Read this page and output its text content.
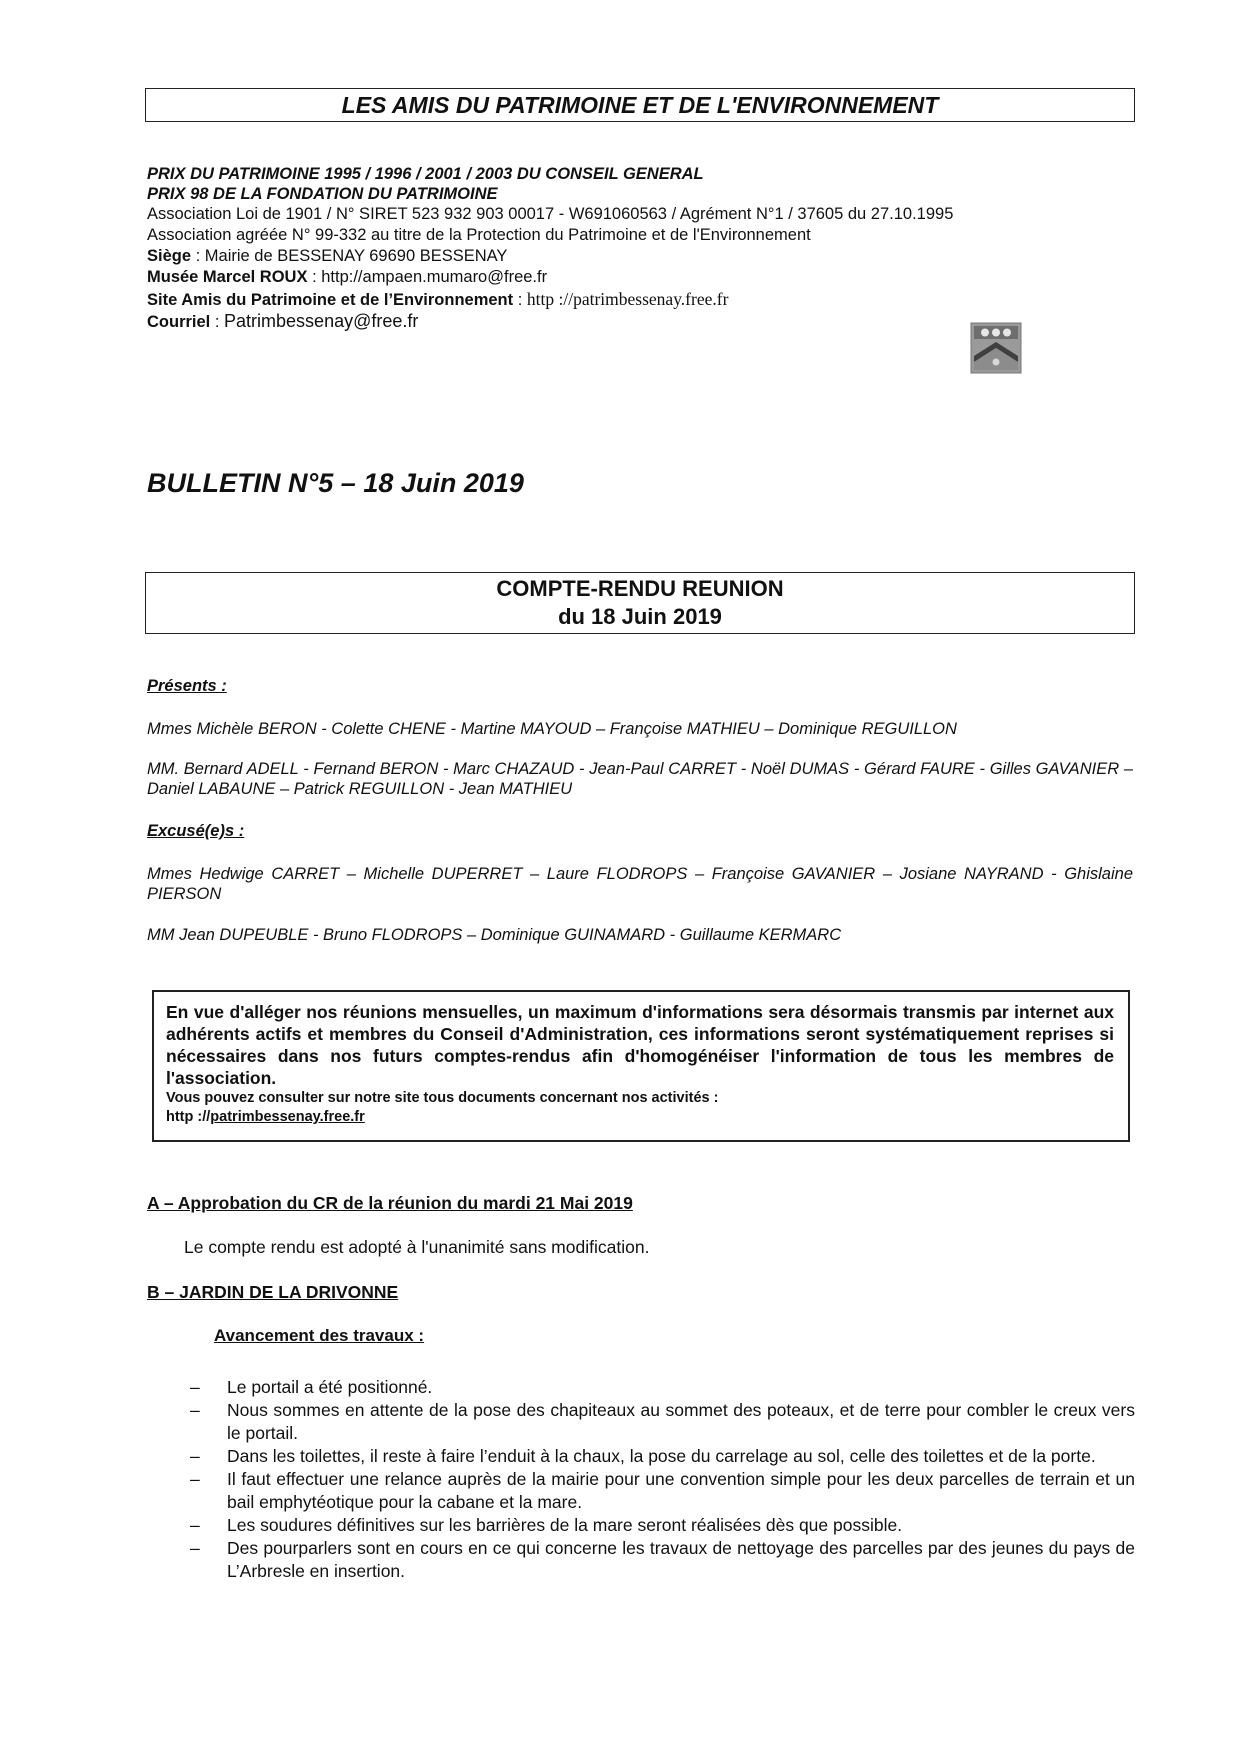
LES AMIS DU PATRIMOINE ET DE L'ENVIRONNEMENT
PRIX DU PATRIMOINE 1995 / 1996 / 2001 / 2003 DU CONSEIL GENERAL
PRIX 98 DE LA FONDATION DU PATRIMOINE
Association Loi de 1901 / N° SIRET 523 932 903 00017 - W691060563 / Agrément N°1 / 37605 du 27.10.1995
Association agréée N° 99-332 au titre de la Protection du Patrimoine et de l'Environnement
Siège : Mairie de BESSENAY 69690 BESSENAY
Musée Marcel ROUX : http://ampaen.mumaro@free.fr
Site Amis du Patrimoine et de l’Environnement : http ://patrimbessenay.free.fr
Courriel : Patrimbessenay@free.fr
BULLETIN N°5 – 18 Juin 2019
COMPTE-RENDU REUNION
du 18 Juin 2019
Présents :
Mmes Michèle BERON - Colette CHENE - Martine MAYOUD – Françoise MATHIEU – Dominique REGUILLON
MM. Bernard ADELL - Fernand BERON - Marc CHAZAUD - Jean-Paul CARRET - Noël DUMAS - Gérard FAURE - Gilles GAVANIER – Daniel LABAUNE – Patrick REGUILLON - Jean MATHIEU
Excusé(e)s :
Mmes Hedwige CARRET – Michelle DUPERRET – Laure FLODROPS – Françoise GAVANIER – Josiane NAYRAND - Ghislaine PIERSON
MM Jean DUPEUBLE - Bruno FLODROPS – Dominique GUINAMARD - Guillaume KERMARC
En vue d'alléger nos réunions mensuelles, un maximum d'informations sera désormais transmis par internet aux adhérents actifs et membres du Conseil d'Administration, ces informations seront systématiquement reprises si nécessaires dans nos futurs comptes-rendus afin d'homogénéiser l'information de tous les membres de l'association.
Vous pouvez consulter sur notre site tous documents concernant nos activités :
http ://patrimbessenay.free.fr
A – Approbation du CR de la réunion du mardi 21 Mai 2019
Le compte rendu est adopté à l'unanimité sans modification.
B – JARDIN DE LA DRIVONNE
Avancement des travaux :
– Le portail a été positionné.
– Nous sommes en attente de la pose des chapiteaux au sommet des poteaux, et de terre pour combler le creux vers le portail.
– Dans les toilettes, il reste à faire l’enduit à la chaux, la pose du carrelage au sol, celle des toilettes et de la porte.
– Il faut effectuer une relance auprès de la mairie pour une convention simple pour les deux parcelles de terrain et un bail emphytéotique pour la cabane et la mare.
– Les soudures définitives sur les barrières de la mare seront réalisées dès que possible.
– Des pourparlers sont en cours en ce qui concerne les travaux de nettoyage des parcelles par des jeunes du pays de L’Arbresle en insertion.
